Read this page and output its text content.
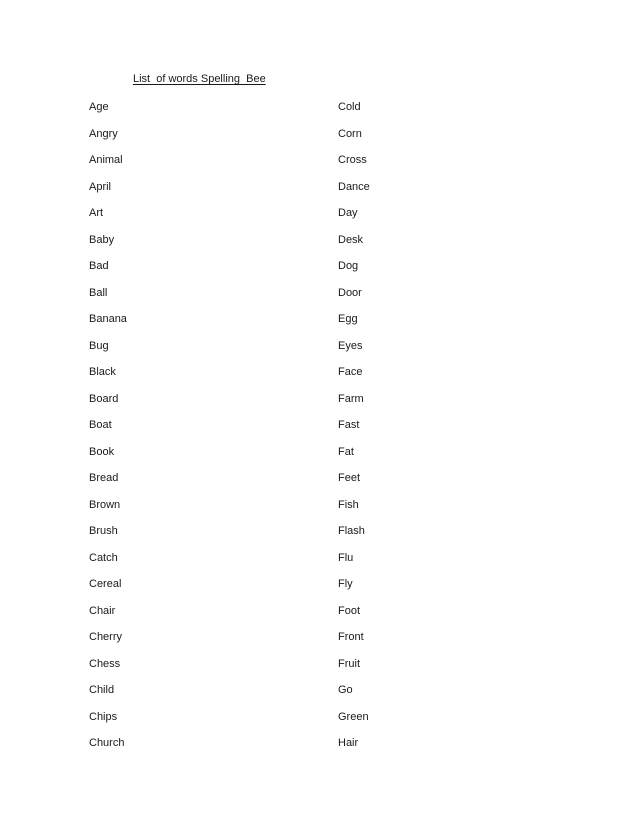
List  of words Spelling  Bee
Age
Angry
Animal
April
Art
Baby
Bad
Ball
Banana
Bug
Black
Board
Boat
Book
Bread
Brown
Brush
Catch
Cereal
Chair
Cherry
Chess
Child
Chips
Church
Cold
Corn
Cross
Dance
Day
Desk
Dog
Door
Egg
Eyes
Face
Farm
Fast
Fat
Feet
Fish
Flash
Flu
Fly
Foot
Front
Fruit
Go
Green
Hair
